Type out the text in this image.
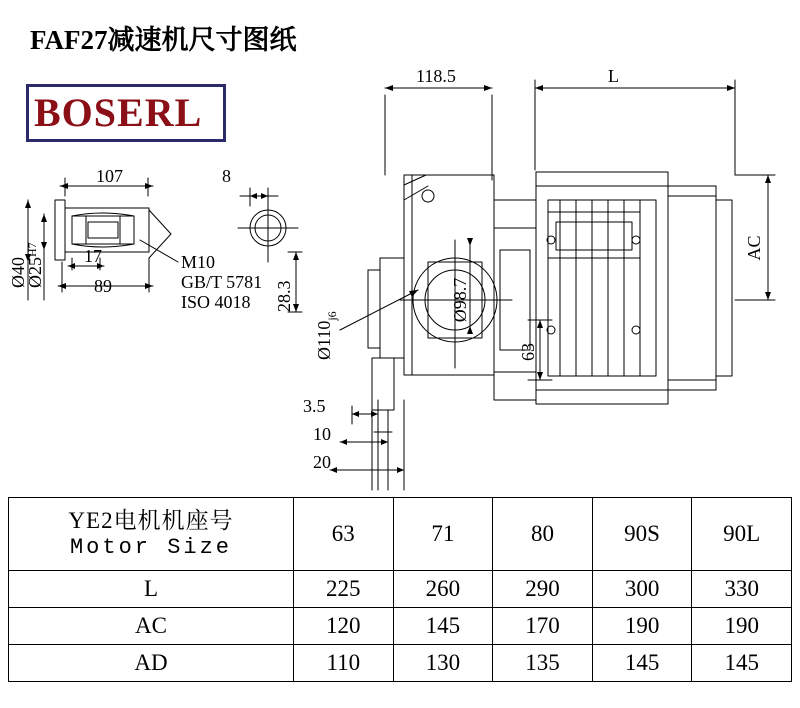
FAF27减速机尺寸图纸
BOSERL
118.5	L
107	8
17
89
3.5
10
20
M10
GB/T 5781
ISO 4018
AC
Ø40
$Ø25^{H7}$
28.3	Ø98.7
$Ø110_{j6}$
63
YE2电机机座号
Motor Size	63	71	80	90S	90L
L	225	260	290	300	330
AC	120	145	170	190	190
AD	110	130	135	145	145
